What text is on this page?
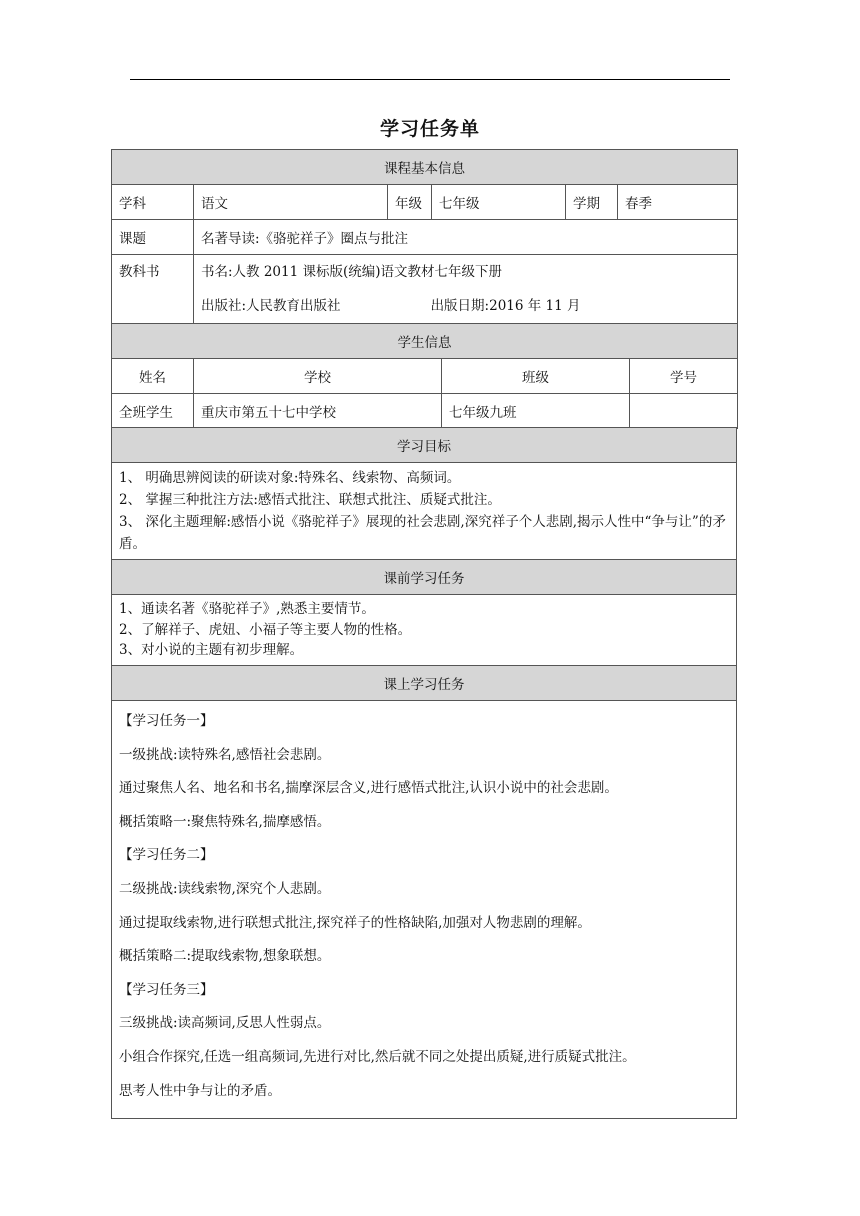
学习任务单
课程基本信息					
学科	语文	年级	七年级	学期	春季
课题	名著导读:《骆驼祥子》圈点与批注				
教科书	书名:人教 2011 课标版(统编)语文教材七年级下册
出版社:人民教育出版社 出版日期:2016 年 11 月				
学生信息			
姓名	学校	班级	学号
全班学生	重庆市第五十七中学校	七年级九班	
学习目标

1、 明确思辨阅读的研读对象:特殊名、线索物、高频词。
2、 掌握三种批注方法:感悟式批注、联想式批注、质疑式批注。
3、 深化主题理解:感悟小说《骆驼祥子》展现的社会悲剧,深究祥子个人悲剧,揭示人性中“争与让”的矛盾。

课前学习任务

1、通读名著《骆驼祥子》,熟悉主要情节。
2、了解祥子、虎妞、小福子等主要人物的性格。
3、对小说的主题有初步理解。

课上学习任务

【学习任务一】

一级挑战:读特殊名,感悟社会悲剧。

通过聚焦人名、地名和书名,揣摩深层含义,进行感悟式批注,认识小说中的社会悲剧。

概括策略一:聚焦特殊名,揣摩感悟。

【学习任务二】

二级挑战:读线索物,深究个人悲剧。

通过提取线索物,进行联想式批注,探究祥子的性格缺陷,加强对人物悲剧的理解。

概括策略二:提取线索物,想象联想。

【学习任务三】

三级挑战:读高频词,反思人性弱点。

小组合作探究,任选一组高频词,先进行对比,然后就不同之处提出质疑,进行质疑式批注。

思考人性中争与让的矛盾。
